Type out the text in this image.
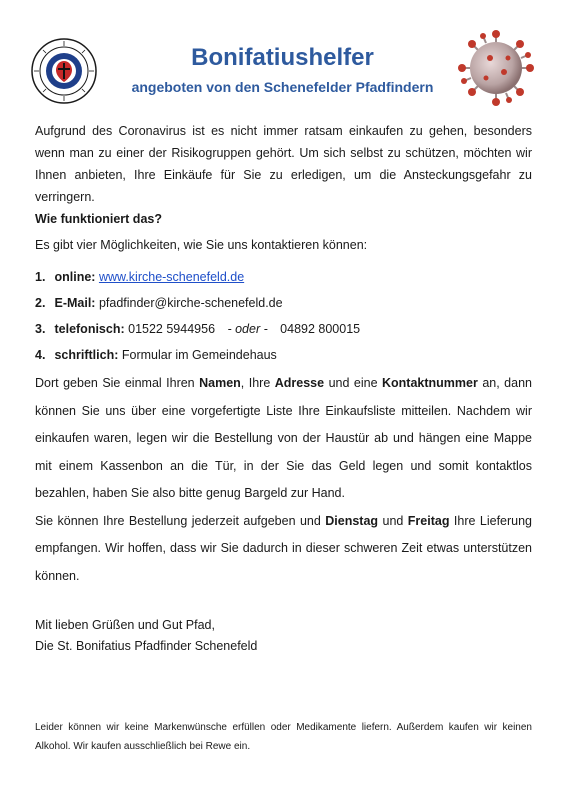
Bonifatiushelfer
angeboten von den Schenefelder Pfadfindern
Aufgrund des Coronavirus ist es nicht immer ratsam einkaufen zu gehen, besonders wenn man zu einer der Risikogruppen gehört. Um sich selbst zu schützen, möchten wir Ihnen anbieten, Ihre Einkäufe für Sie zu erledigen, um die Ansteckungsgefahr zu verringern.
Wie funktioniert das?
Es gibt vier Möglichkeiten, wie Sie uns kontaktieren können:
1. online: www.kirche-schenefeld.de
2. E-Mail: pfadfinder@kirche-schenefeld.de
3. telefonisch: 01522 5944956 - oder - 04892 800015
4. schriftlich: Formular im Gemeindehaus
Dort geben Sie einmal Ihren Namen, Ihre Adresse und eine Kontaktnummer an, dann können Sie uns über eine vorgefertigte Liste Ihre Einkaufsliste mitteilen. Nachdem wir einkaufen waren, legen wir die Bestellung von der Haustür ab und hängen eine Mappe mit einem Kassenbon an die Tür, in der Sie das Geld legen und somit kontaktlos bezahlen, haben Sie also bitte genug Bargeld zur Hand.
Sie können Ihre Bestellung jederzeit aufgeben und Dienstag und Freitag Ihre Lieferung empfangen. Wir hoffen, dass wir Sie dadurch in dieser schweren Zeit etwas unterstützen können.
Mit lieben Grüßen und Gut Pfad,
Die St. Bonifatius Pfadfinder Schenefeld
Leider können wir keine Markenwünsche erfüllen oder Medikamente liefern. Außerdem kaufen wir keinen Alkohol. Wir kaufen ausschließlich bei Rewe ein.
